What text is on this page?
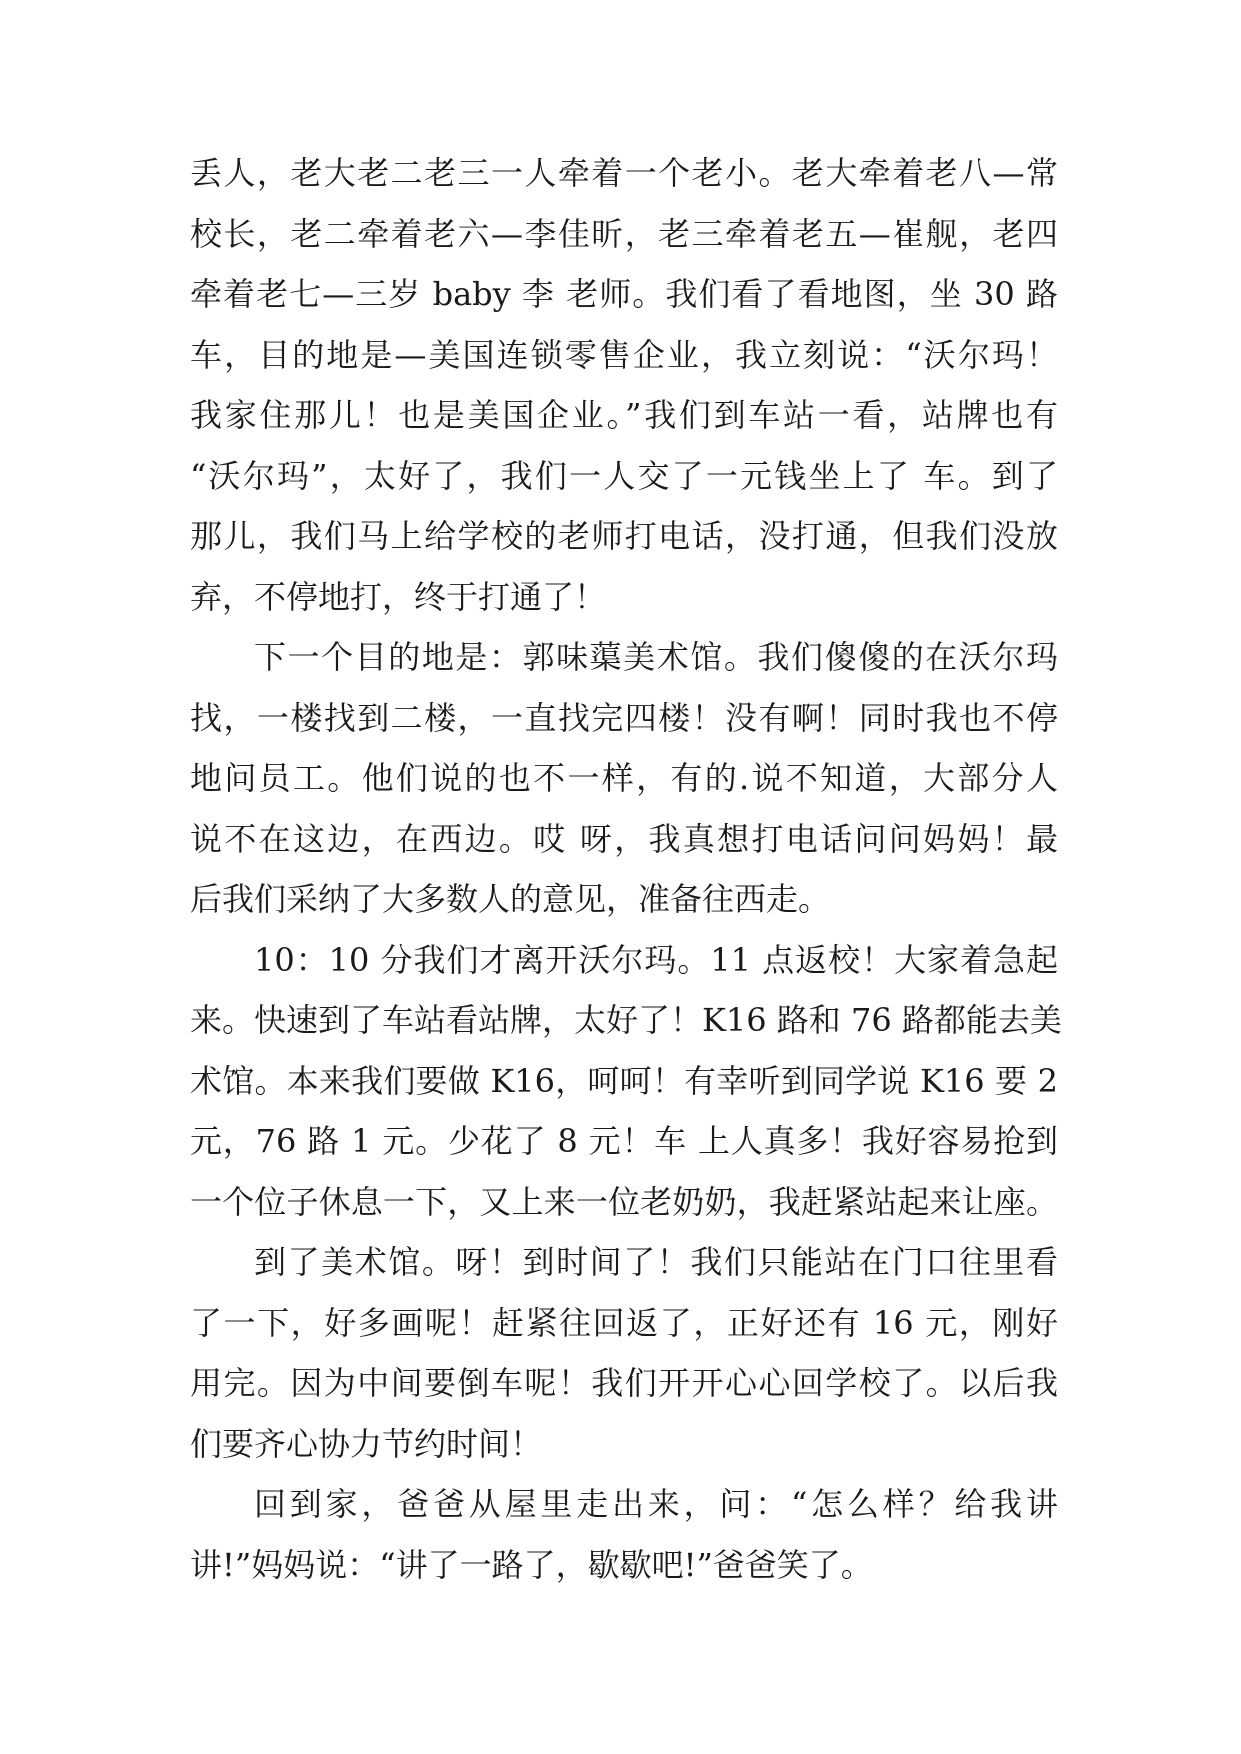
丢人，老大老二老三一人牵着一个老小。老大牵着老八—常
校长，老二牵着老六—李佳昕，老三牵着老五—崔舰，老四
牵着老七—三岁 baby 李 老师。我们看了看地图，坐 30 路
车，目的地是—美国连锁零售企业，我立刻说：“沃尔玛！
我家住那儿！也是美国企业。”我们到车站一看，站牌也有
“沃尔玛”，太好了，我们一人交了一元钱坐上了 车。到了
那儿，我们马上给学校的老师打电话，没打通，但我们没放
弃，不停地打，终于打通了！
下一个目的地是：郭味蕖美术馆。我们傻傻的在沃尔玛
找，一楼找到二楼，一直找完四楼！没有啊！同时我也不停
地问员工。他们说的也不一样，有的.说不知道，大部分人
说不在这边，在西边。哎 呀，我真想打电话问问妈妈！最
后我们采纳了大多数人的意见，准备往西走。
10：10 分我们才离开沃尔玛。11 点返校！大家着急起
来。快速到了车站看站牌，太好了！K16 路和 76 路都能去美
术馆。本来我们要做 K16，呵呵！有幸听到同学说 K16 要 2
元，76 路 1 元。少花了 8 元！车 上人真多！我好容易抢到
一个位子休息一下，又上来一位老奶奶，我赶紧站起来让座。
到了美术馆。呀！到时间了！我们只能站在门口往里看
了一下，好多画呢！赶紧往回返了，正好还有 16 元，刚好
用完。因为中间要倒车呢！我们开开心心回学校了。以后我
们要齐心协力节约时间！
回到家，爸爸从屋里走出来，问：“怎么样？给我讲
讲!”妈妈说：“讲了一路了，歇歇吧!”爸爸笑了。
